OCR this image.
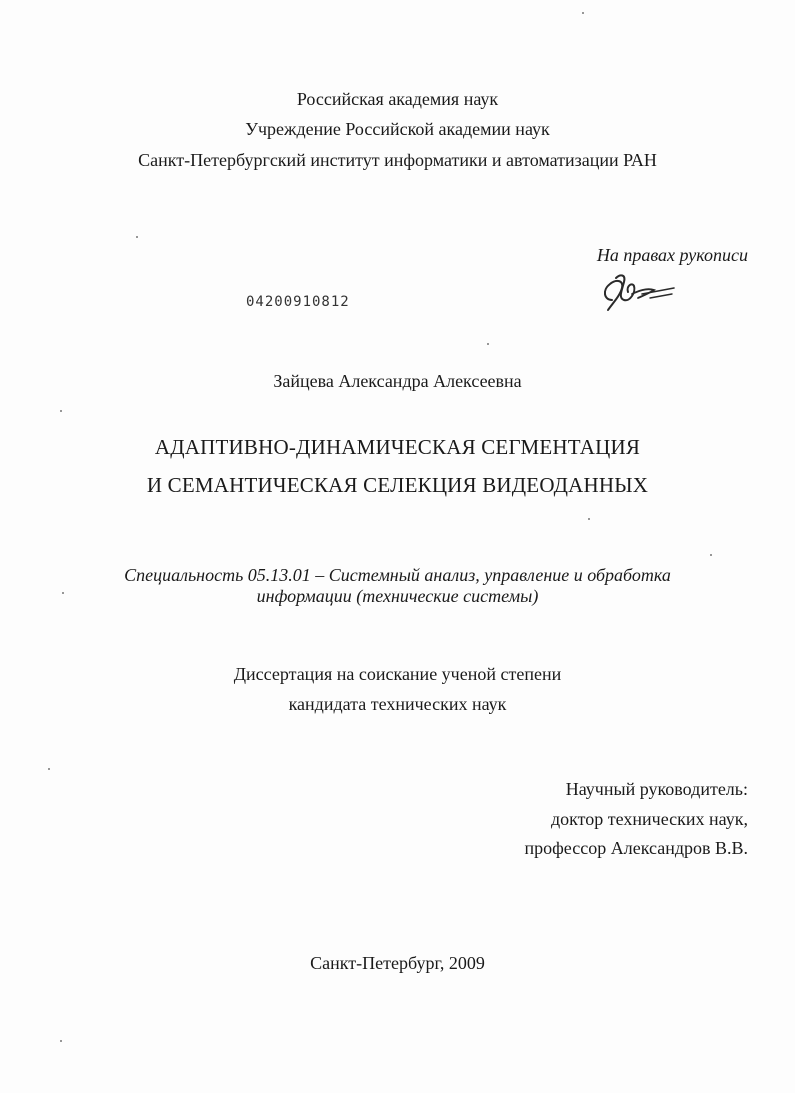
Российская академия наук
Учреждение Российской академии наук
Санкт-Петербургский институт информатики и автоматизации РАН
На правах рукописи
04200910812
Зайцева Александра Алексеевна
АДАПТИВНО-ДИНАМИЧЕСКАЯ СЕГМЕНТАЦИЯ
И СЕМАНТИЧЕСКАЯ СЕЛЕКЦИЯ ВИДЕОДАННЫХ
Специальность 05.13.01 – Системный анализ, управление и обработка
информации (технические системы)
Диссертация на соискание ученой степени
кандидата технических наук
Научный руководитель:
доктор технических наук,
профессор Александров В.В.
Санкт-Петербург, 2009
